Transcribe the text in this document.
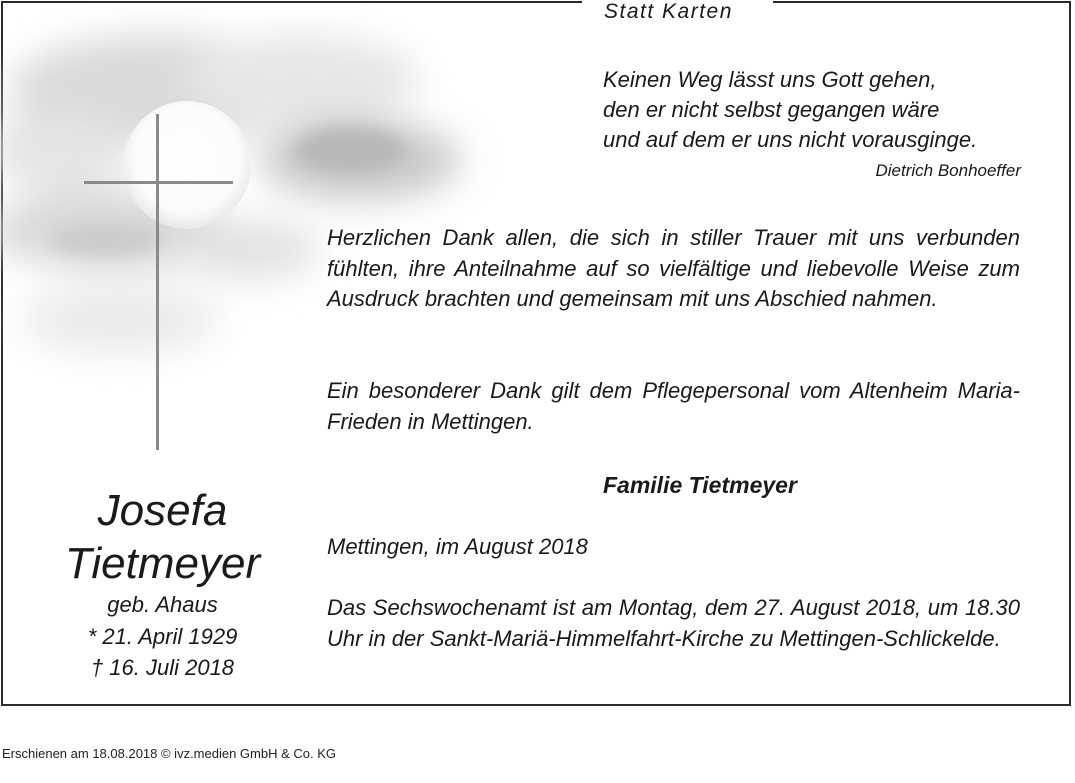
Statt Karten
Keinen Weg lässt uns Gott gehen,
den er nicht selbst gegangen wäre
und auf dem er uns nicht vorausginge.
Dietrich Bonhoeffer

Herzlichen Dank allen, die sich in stiller Trauer mit uns verbunden fühlten, ihre Anteilnahme auf so vielfältige und liebevolle Weise zum Ausdruck brachten und gemeinsam mit uns Abschied nahmen.

Ein besonderer Dank gilt dem Pflegepersonal vom Altenheim Maria-Frieden in Mettingen.

Familie Tietmeyer
Mettingen, im August 2018

Das Sechswochenamt ist am Montag, dem 27. August 2018, um 18.30 Uhr in der Sankt-Mariä-Himmelfahrt-Kirche zu Mettingen-Schlickelde.

Josefa
Tietmeyer
geb. Ahaus
* 21. April 1929
† 16. Juli 2018
Erschienen am 18.08.2018 © ivz.medien GmbH & Co. KG
